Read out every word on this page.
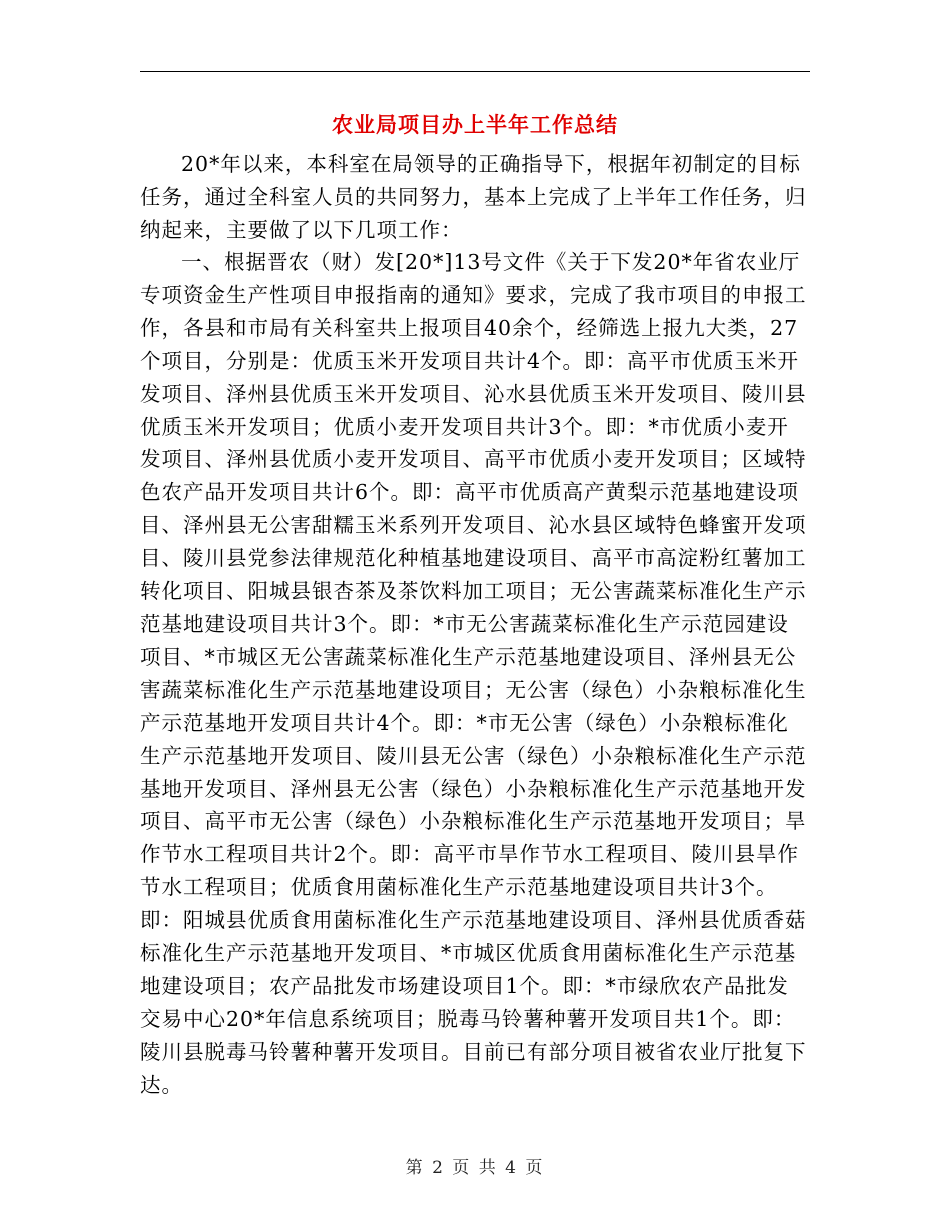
农业局项目办上半年工作总结

20*年以来，本科室在局领导的正确指导下，根据年初制定的目标任务，通过全科室人员的共同努力，基本上完成了上半年工作任务，归纳起来，主要做了以下几项工作：

一、根据晋农（财）发[20*]13号文件《关于下发20*年省农业厅专项资金生产性项目申报指南的通知》要求，完成了我市项目的申报工作，各县和市局有关科室共上报项目40余个，经筛选上报九大类，27个项目，分别是：优质玉米开发项目共计4个。即：高平市优质玉米开发项目、泽州县优质玉米开发项目、沁水县优质玉米开发项目、陵川县优质玉米开发项目；优质小麦开发项目共计3个。即：*市优质小麦开发项目、泽州县优质小麦开发项目、高平市优质小麦开发项目；区域特色农产品开发项目共计6个。即：高平市优质高产黄梨示范基地建设项目、泽州县无公害甜糯玉米系列开发项目、沁水县区域特色蜂蜜开发项目、陵川县党参法律规范化种植基地建设项目、高平市高淀粉红薯加工转化项目、阳城县银杏茶及茶饮料加工项目；无公害蔬菜标准化生产示范基地建设项目共计3个。即：*市无公害蔬菜标准化生产示范园建设项目、*市城区无公害蔬菜标准化生产示范基地建设项目、泽州县无公害蔬菜标准化生产示范基地建设项目；无公害（绿色）小杂粮标准化生产示范基地开发项目共计4个。即：*市无公害（绿色）小杂粮标准化生产示范基地开发项目、陵川县无公害（绿色）小杂粮标准化生产示范基地开发项目、泽州县无公害（绿色）小杂粮标准化生产示范基地开发项目、高平市无公害（绿色）小杂粮标准化生产示范基地开发项目；旱作节水工程项目共计2个。即：高平市旱作节水工程项目、陵川县旱作节水工程项目；优质食用菌标准化生产示范基地建设项目共计3个。即：阳城县优质食用菌标准化生产示范基地建设项目、泽州县优质香菇标准化生产示范基地开发项目、*市城区优质食用菌标准化生产示范基地建设项目；农产品批发市场建设项目1个。即：*市绿欣农产品批发交易中心20*年信息系统项目；脱毒马铃薯种薯开发项目共1个。即：陵川县脱毒马铃薯种薯开发项目。目前已有部分项目被省农业厅批复下达。

第 2 页 共 4 页
